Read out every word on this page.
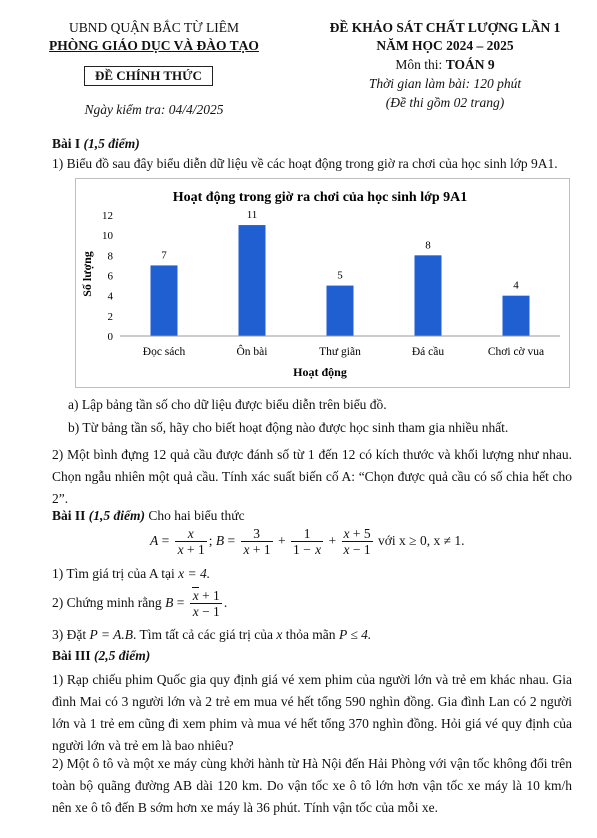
UBND QUẬN BẮC TỪ LIÊM
PHÒNG GIÁO DỤC VÀ ĐÀO TẠO
ĐỀ CHÍNH THỨC
Ngày kiểm tra: 04/4/2025
ĐỀ KHẢO SÁT CHẤT LƯỢNG LẦN 1
NĂM HỌC 2024 – 2025
Môn thi: TOÁN 9
Thời gian làm bài: 120 phút
(Đề thi gồm 02 trang)
Bài I (1,5 điểm)
1) Biểu đồ sau đây biểu diễn dữ liệu về các hoạt động trong giờ ra chơi của học sinh lớp 9A1.
Hoạt động trong giờ ra chơi của học sinh lớp 9A1
Số lượng
Hoạt động
0
2
4
6
8
10
12
7
11
5
8
4
Đọc sách	Ôn bài	Thư giãn	Đá cầu	Chơi cờ vua
a) Lập bảng tần số cho dữ liệu được biểu diễn trên biểu đồ.
b) Từ bảng tần số, hãy cho biết hoạt động nào được học sinh tham gia nhiều nhất.
2) Một bình đựng 12 quả cầu được đánh số từ 1 đến 12 có kích thước và khối lượng như nhau. Chọn ngẫu nhiên một quả cầu. Tính xác suất biến cố A: “Chọn được quả cầu có số chia hết cho 2”.
Bài II (1,5 điểm) Cho hai biểu thức
$A = \frac{x}{x + 1}$ ; $B = \frac{3}{x + 1} + \frac{1}{1 - x} + \frac{x + 5}{x - 1}$ với x ≥ 0, x ≠ 1.
1) Tìm giá trị của A tại x = 4.
2) Chứng minh rằng $B = \frac{x + 1}{x - 1}$ .
3) Đặt P = A.B. Tìm tất cả các giá trị của x thỏa mãn P ≤ 4.
Bài III (2,5 điểm)
1) Rạp chiếu phim Quốc gia quy định giá vé xem phim của người lớn và trẻ em khác nhau. Gia đình Mai có 3 người lớn và 2 trẻ em mua vé hết tổng 590 nghìn đồng. Gia đình Lan có 2 người lớn và 1 trẻ em cũng đi xem phim và mua vé hết tổng 370 nghìn đồng. Hỏi giá vé quy định của người lớn và trẻ em là bao nhiêu?
2) Một ô tô và một xe máy cùng khởi hành từ Hà Nội đến Hải Phòng với vận tốc không đổi trên toàn bộ quãng đường AB dài 120 km. Do vận tốc xe ô tô lớn hơn vận tốc xe máy là 10 km/h nên xe ô tô đến B sớm hơn xe máy là 36 phút. Tính vận tốc của mỗi xe.
